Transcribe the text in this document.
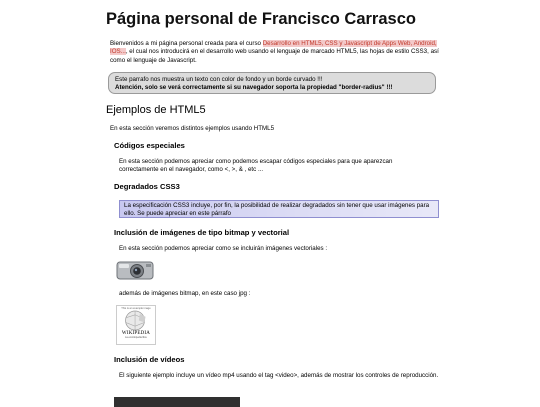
Página personal de Francisco Carrasco

Bienvenidos a mi página personal creada para el curso Desarrollo en HTML5, CSS y Javascript de Apps Web, Android, IOS..., el cual nos introducirá en el desarrollo web usando el lenguaje de marcado HTML5, las hojas de estilo CSS3, así como el lenguaje de Javascript.

Este parrafo nos muestra un texto con color de fondo y un borde curvado !!!
Atención, solo se verá correctamente si su navegador soporta la propiedad "border-radius" !!!
Ejemplos de HTML5

En esta sección veremos distintos ejemplos usando HTML5

Códigos especiales

En esta sección podemos apreciar como podemos escapar códigos especiales para que aparezcan correctamente en el navegador, como <, >, & , etc ...

Degradados CSS3
La especificación CSS3 incluye, por fin, la posibilidad de realizar degradados sin tener que usar imágenes para ello. Se puede apreciar en este párrafo
Inclusión de imágenes de tipo bitmap y vectorial

En esta sección podemos apreciar como se incluirán imágenes vectoriales :

además de imágenes bitmap, en este caso jpg :

This is an example image
WIKIPEDIA
La enciclopedia libre
Inclusión de vídeos

El siguiente ejemplo incluye un vídeo mp4 usando el tag <video>, además de mostrar los controles de reproducción.
